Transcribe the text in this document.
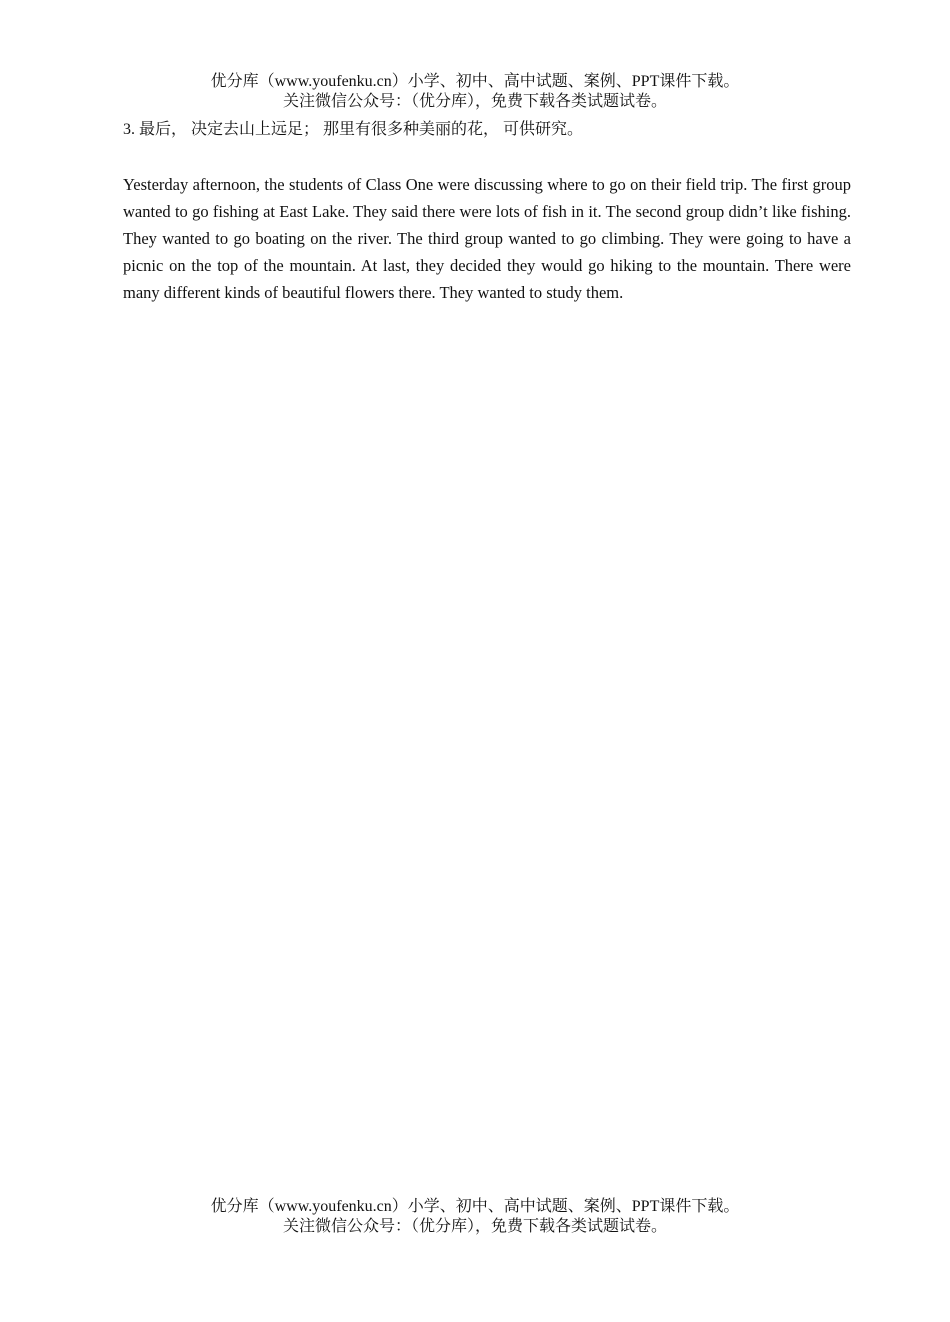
优分库（www.youfenku.cn）小学、初中、高中试题、案例、PPT课件下载。
关注微信公众号：（优分库），免费下载各类试题试卷。
3. 最后， 决定去山上远足； 那里有很多种美丽的花， 可供研究。

Yesterday afternoon, the students of Class One were discussing where to go on their field trip. The first group wanted to go fishing at East Lake. They said there were lots of fish in it. The second group didn’t like fishing. They wanted to go boating on the river. The third group wanted to go climbing. They were going to have a picnic on the top of the mountain. At last, they decided they would go hiking to the mountain. There were many different kinds of beautiful flowers there. They wanted to study them.

优分库（www.youfenku.cn）小学、初中、高中试题、案例、PPT课件下载。
关注微信公众号：（优分库），免费下载各类试题试卷。
